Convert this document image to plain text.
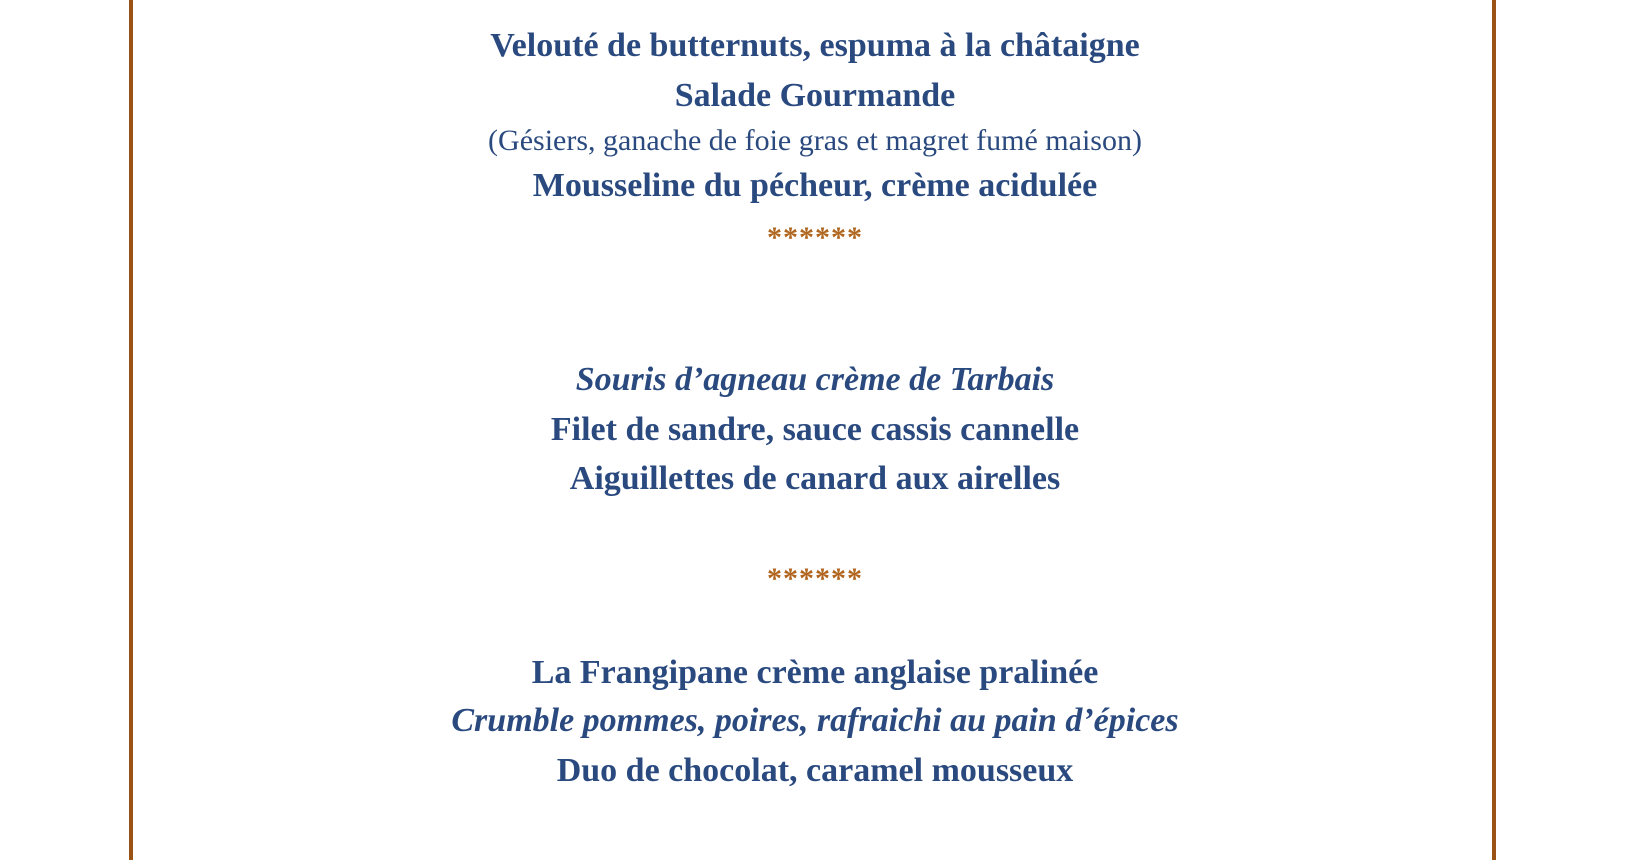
Velouté de butternuts, espuma à la châtaigne
Salade Gourmande
(Gésiers, ganache de foie gras et magret fumé maison)
Mousseline du pécheur, crème acidulée
******
Souris d’agneau crème de Tarbais
Filet de sandre, sauce cassis cannelle
Aiguillettes de canard aux airelles
******
La Frangipane crème anglaise pralinée
Crumble pommes, poires, rafraichi au pain d’épices
Duo de chocolat, caramel mousseux
